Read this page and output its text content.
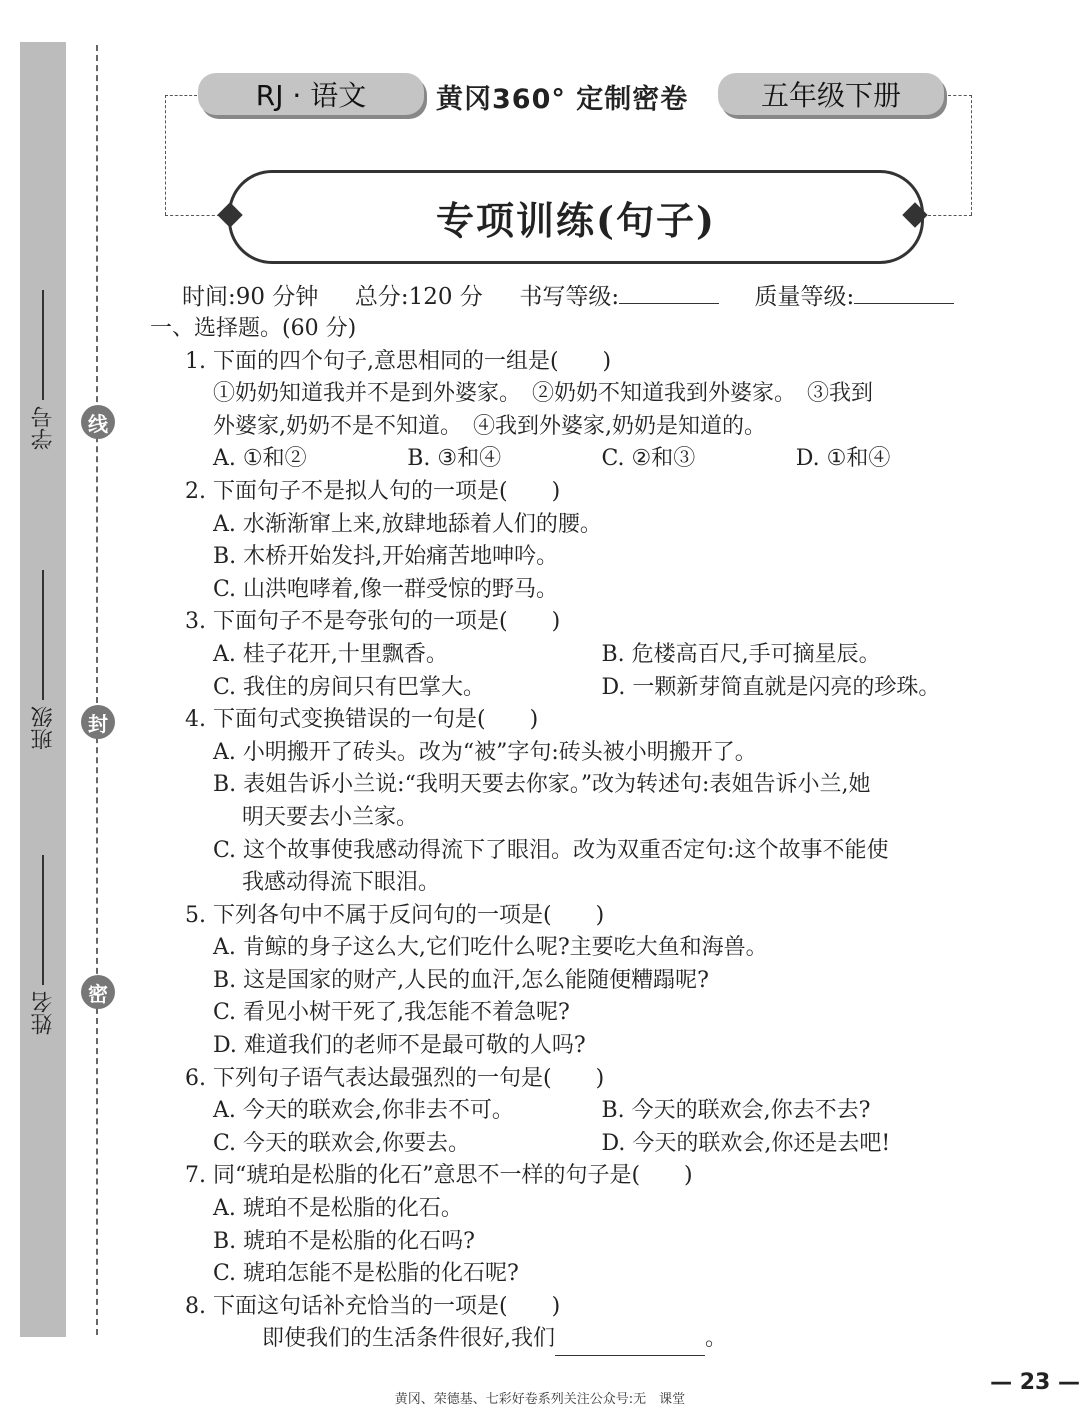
线
封
密
学号
班级
姓名
RJ · 语文	黄冈360° 定制密卷	五年级下册
专项训练(句子)
时间:90 分钟 总分:120 分 书写等级:	质量等级:
一、选择题。(60 分)
1. 下面的四个句子,意思相同的一组是(　　)
①奶奶知道我并不是到外婆家。　②奶奶不知道我到外婆家。　③我到
外婆家,奶奶不是不知道。　④我到外婆家,奶奶是知道的。
A. ①和②	B. ③和④	C. ②和③	D. ①和④
2. 下面句子不是拟人句的一项是(　　)
A. 水渐渐窜上来,放肆地舔着人们的腰。
B. 木桥开始发抖,开始痛苦地呻吟。
C. 山洪咆哮着,像一群受惊的野马。
3. 下面句子不是夸张句的一项是(　　)
A. 桂子花开,十里飘香。	B. 危楼高百尺,手可摘星辰。
C. 我住的房间只有巴掌大。	D. 一颗新芽简直就是闪亮的珍珠。
4. 下面句式变换错误的一句是(　　)
A. 小明搬开了砖头。改为“被”字句:砖头被小明搬开了。
B. 表姐告诉小兰说:“我明天要去你家。”改为转述句:表姐告诉小兰,她
明天要去小兰家。
C. 这个故事使我感动得流下了眼泪。改为双重否定句:这个故事不能使
我感动得流下眼泪。
5. 下列各句中不属于反问句的一项是(　　)
A. 肯鲸的身子这么大,它们吃什么呢?主要吃大鱼和海兽。
B. 这是国家的财产,人民的血汗,怎么能随便糟蹋呢?
C. 看见小树干死了,我怎能不着急呢?
D. 难道我们的老师不是最可敬的人吗?
6. 下列句子语气表达最强烈的一句是(　　)
A. 今天的联欢会,你非去不可。	B. 今天的联欢会,你去不去?
C. 今天的联欢会,你要去。	D. 今天的联欢会,你还是去吧!
7. 同“琥珀是松脂的化石”意思不一样的句子是(　　)
A. 琥珀不是松脂的化石。
B. 琥珀不是松脂的化石吗?
C. 琥珀怎能不是松脂的化石呢?
8. 下面这句话补充恰当的一项是(　　)
即使我们的生活条件很好,我们	。
— 23 —
黄冈、荣德基、七彩好卷系列关注公众号:无　课堂
